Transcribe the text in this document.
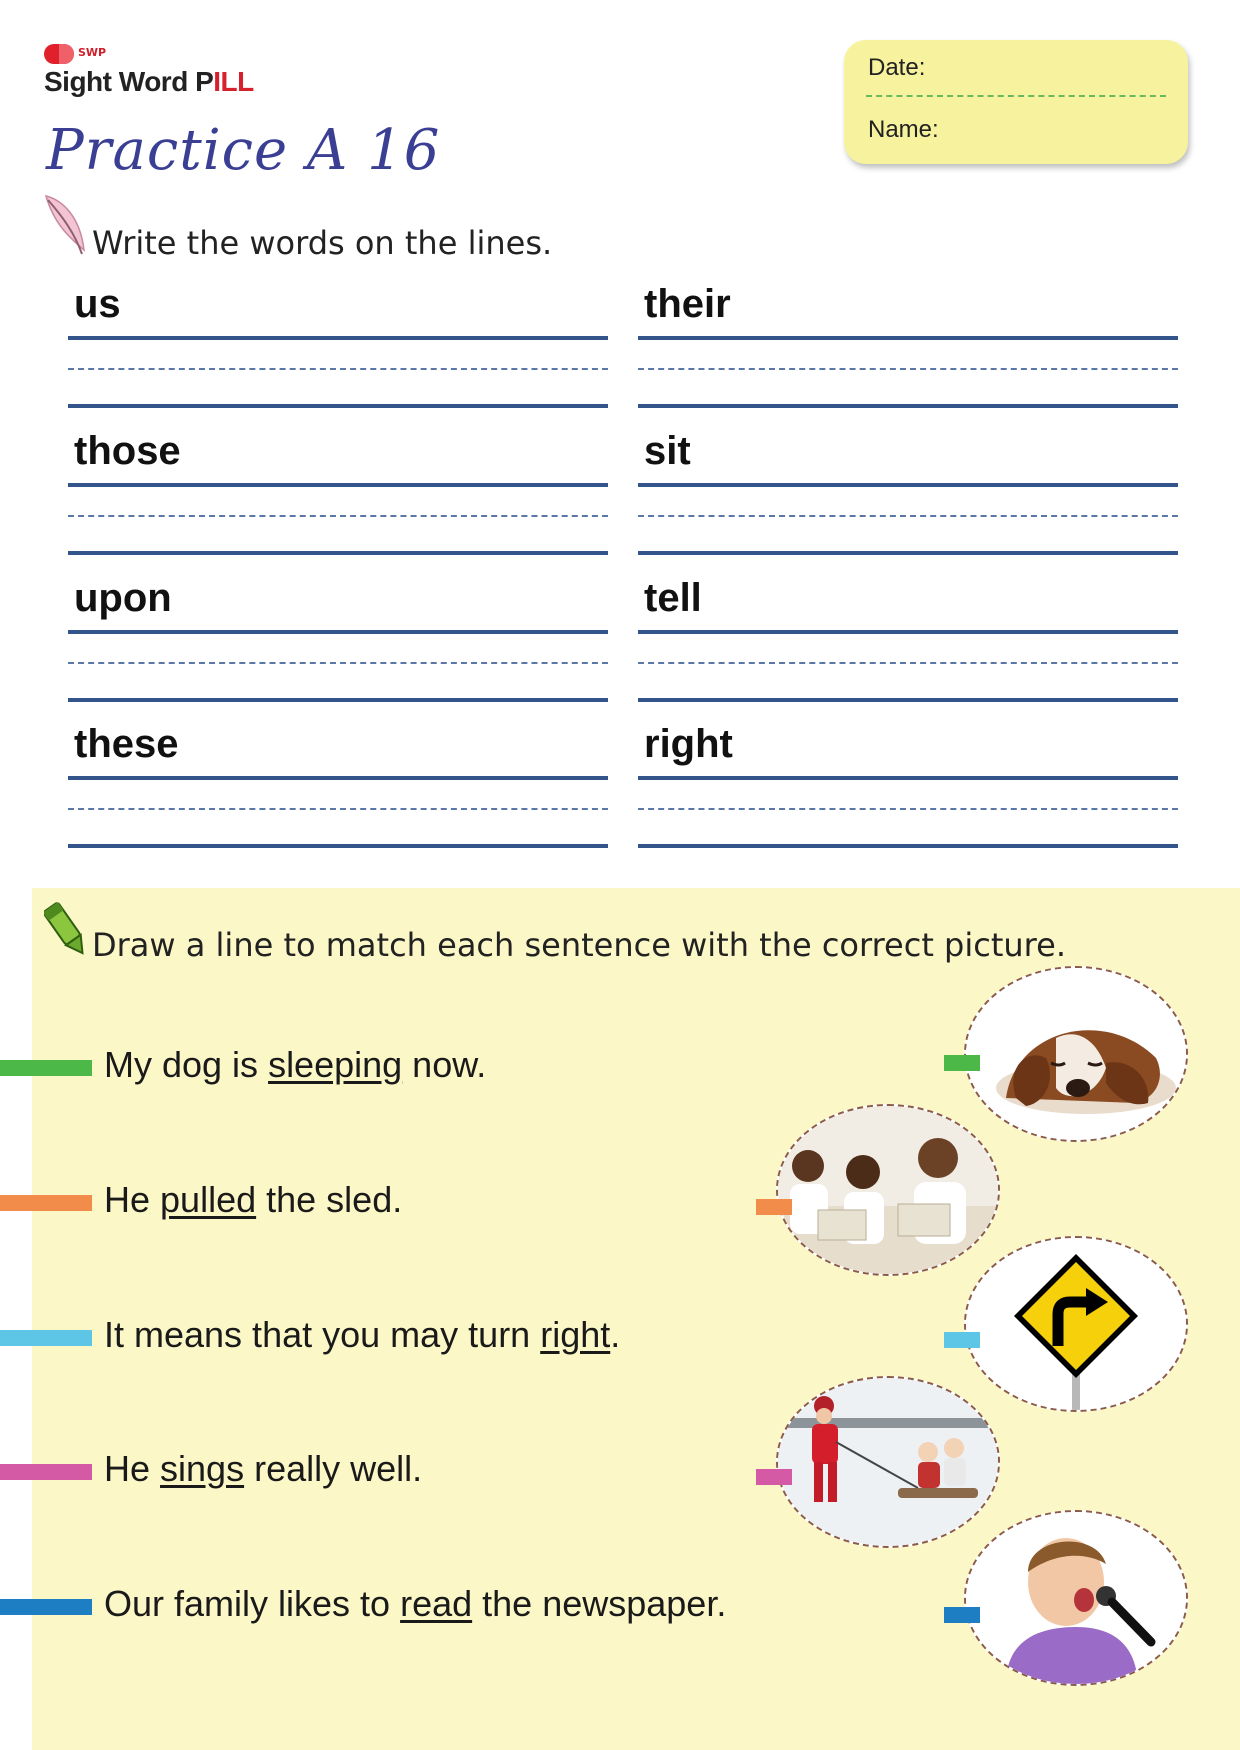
SWP
Sight Word PILL
Practice A 16
Date:
Name:
Write the words on the lines.
us	their
those	sit
upon	tell
these	right
Draw a line to match each sentence with the correct picture.
My dog is sleeping now.
He pulled the sled.
It means that you may turn right.
He sings really well.
Our family likes to read the newspaper.
